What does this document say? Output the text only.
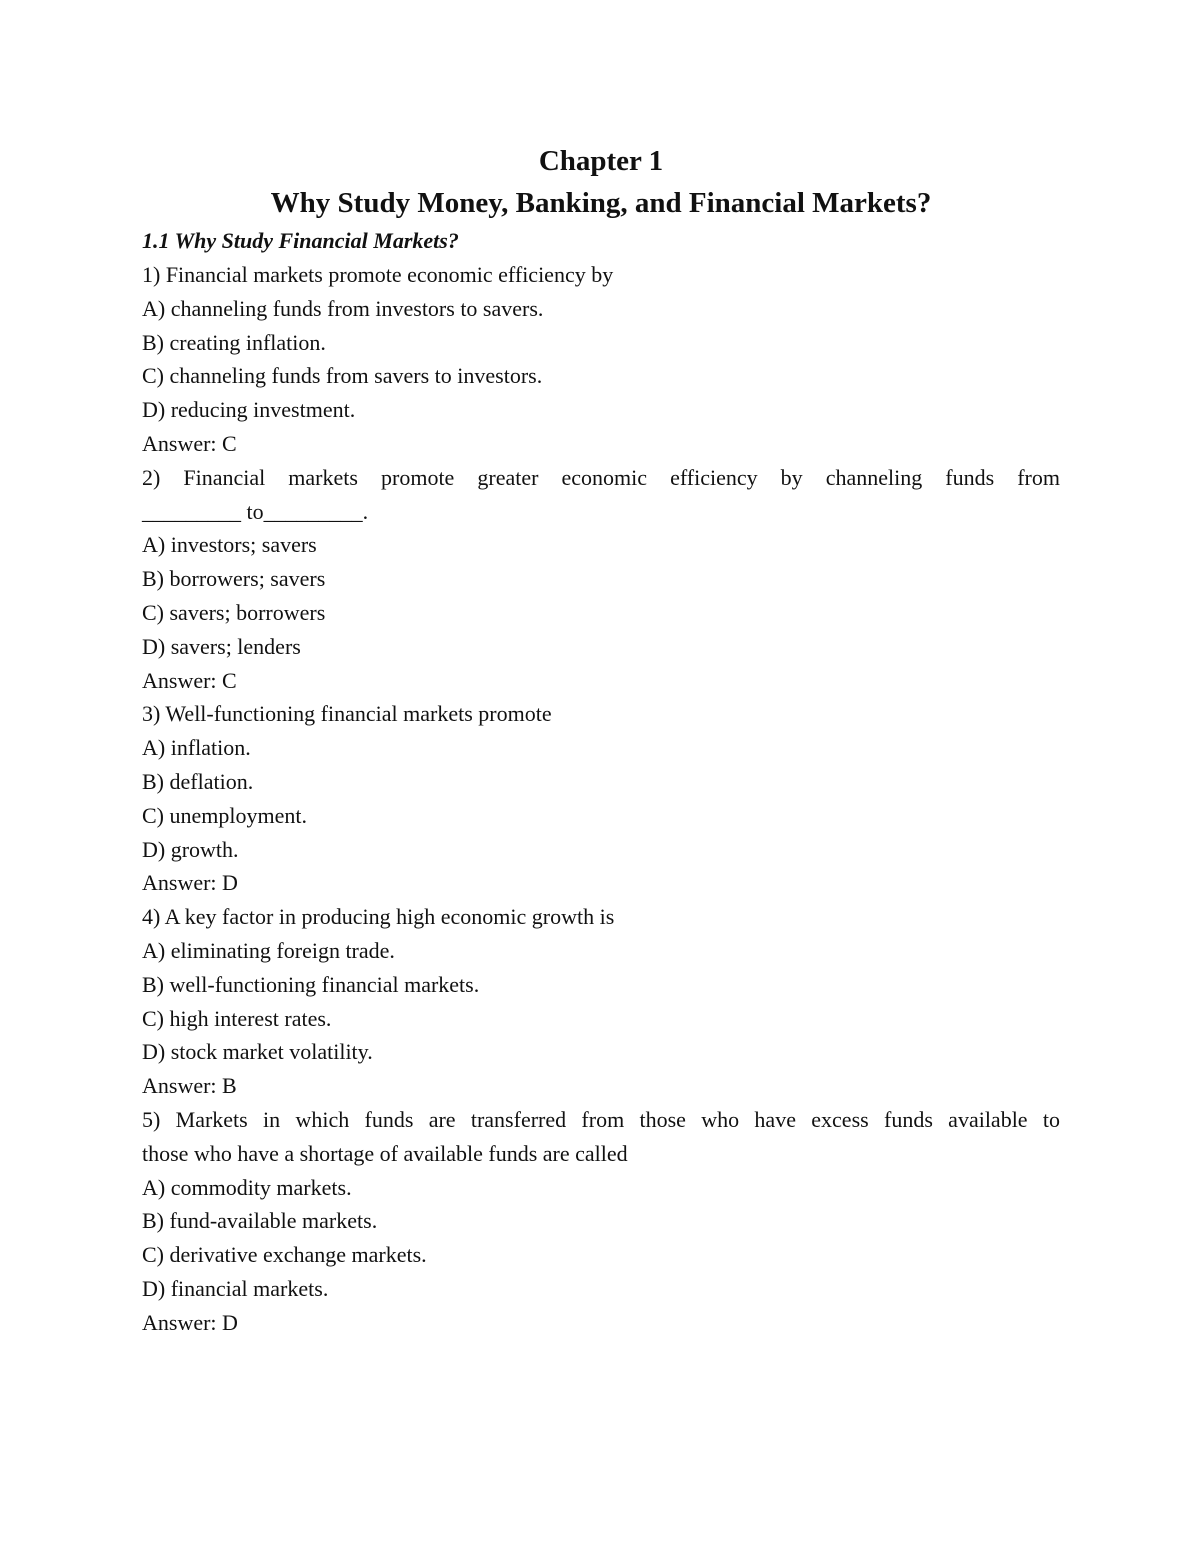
Chapter 1
Why Study Money, Banking, and Financial Markets?

1.1 Why Study Financial Markets?

1) Financial markets promote economic efficiency by

A) channeling funds from investors to savers.
B) creating inflation.
C) channeling funds from savers to investors.
D) reducing investment.

Answer: C

2) Financial markets promote greater economic efficiency by channeling funds from

_________ to_________.

A) investors; savers
B) borrowers; savers
C) savers; borrowers
D) savers; lenders

Answer: C

3) Well-functioning financial markets promote

A) inflation.
B) deflation.
C) unemployment.
D) growth.

Answer: D

4) A key factor in producing high economic growth is

A) eliminating foreign trade.
B) well-functioning financial markets.
C) high interest rates.
D) stock market volatility.

Answer: B

5) Markets in which funds are transferred from those who have excess funds available to

those who have a shortage of available funds are called

A) commodity markets.
B) fund-available markets.
C) derivative exchange markets.
D) financial markets.

Answer: D
